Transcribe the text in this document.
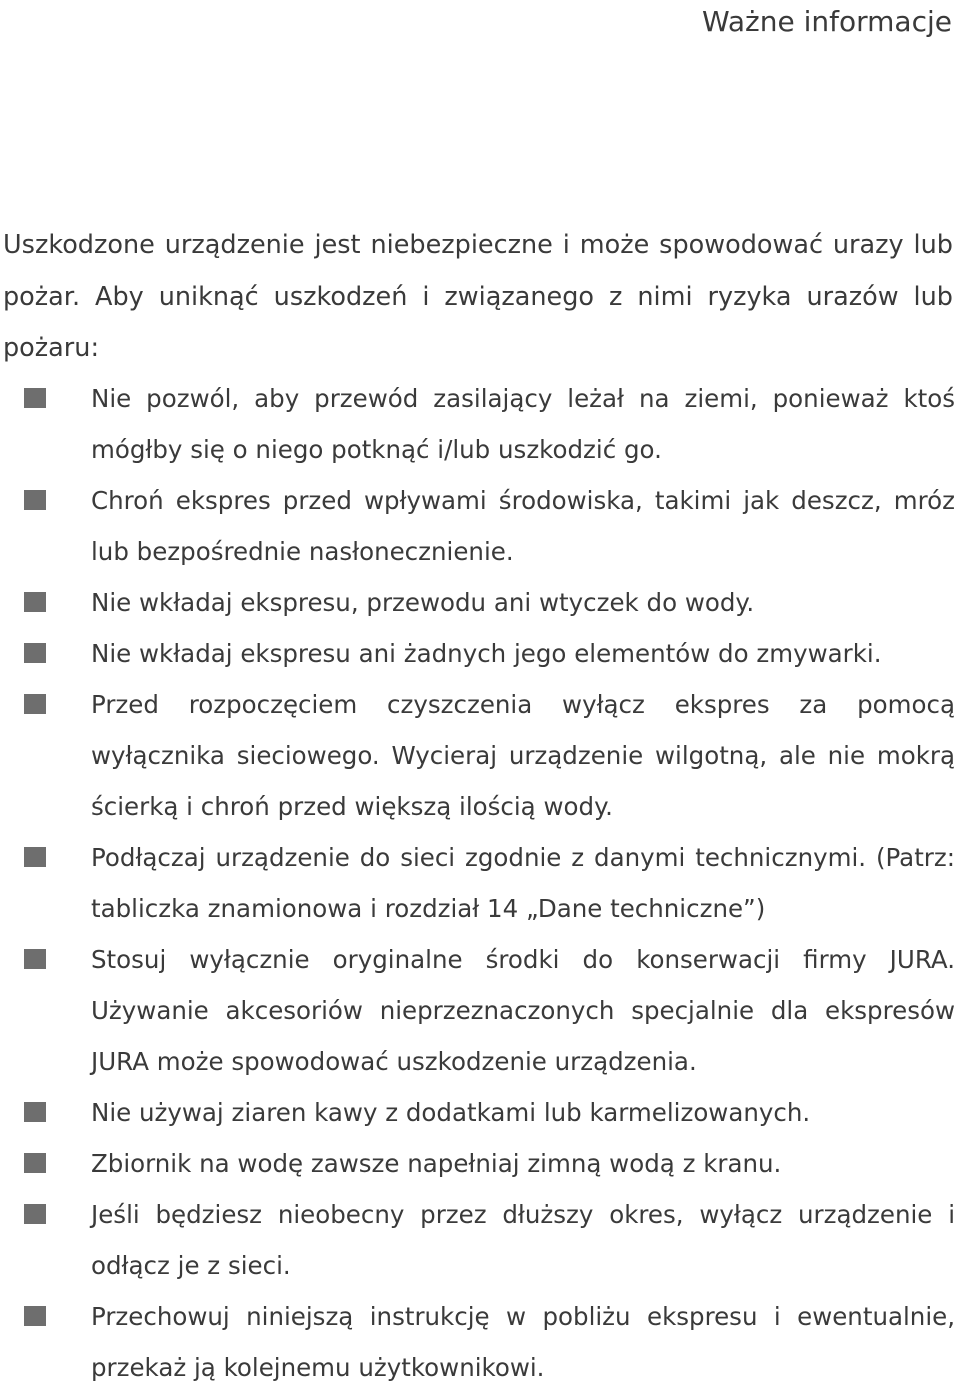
Ważne informacje

Uszkodzone urządzenie jest niebezpieczne i może spowodować urazy lub pożar. Aby uniknąć uszkodzeń i związanego z nimi ryzyka urazów lub pożaru:

Nie pozwól, aby przewód zasilający leżał na ziemi, ponieważ ktoś mógłby się o niego potknąć i/lub uszkodzić go.
Chroń ekspres przed wpływami środowiska, takimi jak deszcz, mróz lub bezpośrednie nasłonecznienie.
Nie wkładaj ekspresu, przewodu ani wtyczek do wody.
Nie wkładaj ekspresu ani żadnych jego elementów do zmywarki.
Przed rozpoczęciem czyszczenia wyłącz ekspres za pomocą wyłącznika sieciowego. Wycieraj urządzenie wilgotną, ale nie mokrą ścierką i chroń przed większą ilością wody.
Podłączaj urządzenie do sieci zgodnie z danymi technicznymi. (Patrz: tabliczka znamionowa i rozdział 14 „Dane techniczne”)
Stosuj wyłącznie oryginalne środki do konserwacji firmy JURA. Używanie akcesoriów nieprzeznaczonych specjalnie dla ekspresów JURA może spowodować uszkodzenie urządzenia.
Nie używaj ziaren kawy z dodatkami lub karmelizowanych.
Zbiornik na wodę zawsze napełniaj zimną wodą z kranu.
Jeśli będziesz nieobecny przez dłuższy okres, wyłącz urządzenie i odłącz je z sieci.
Przechowuj niniejszą instrukcję w pobliżu ekspresu i ewentualnie, przekaż ją kolejnemu użytkownikowi.
